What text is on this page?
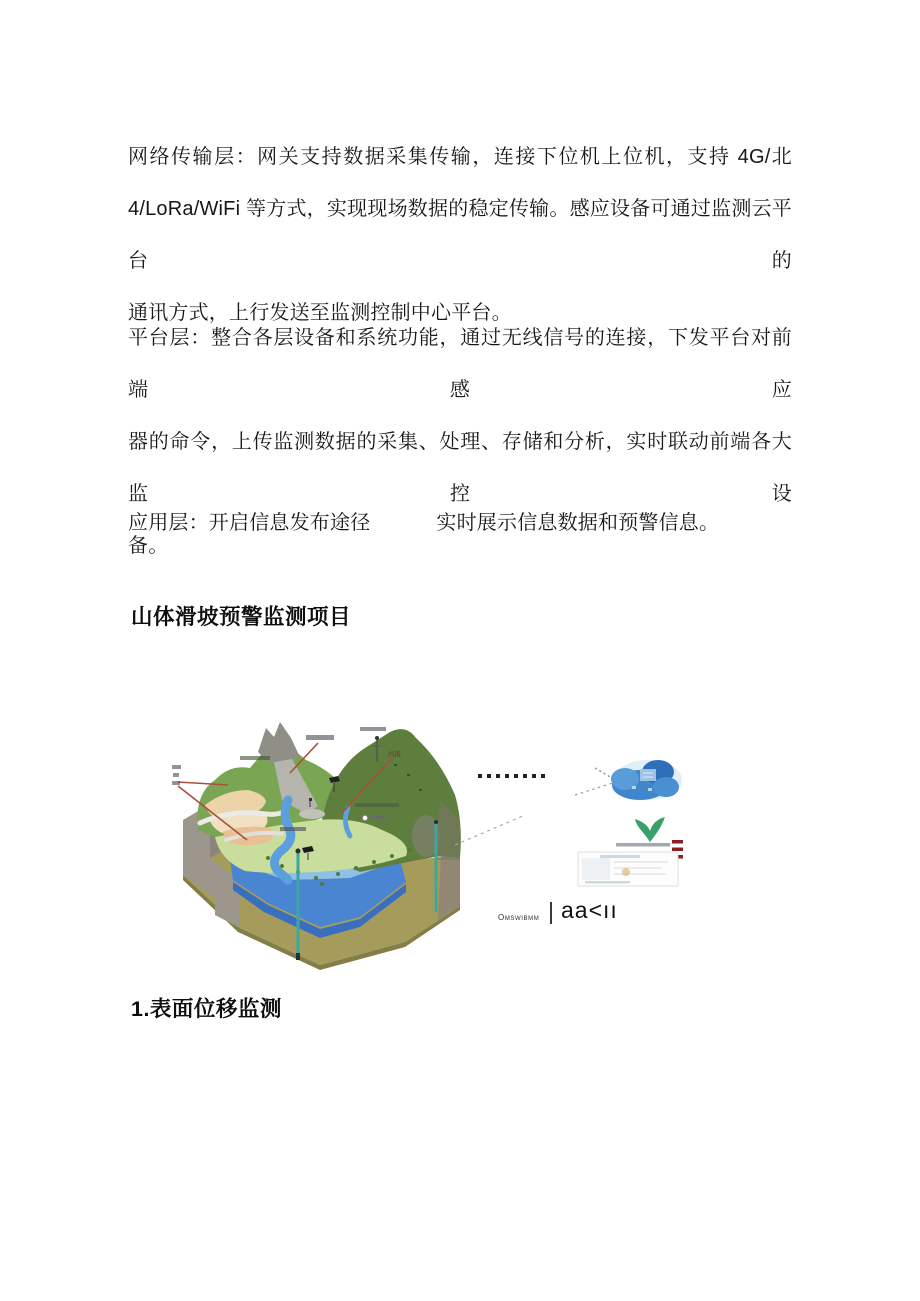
网络传输层：网关支持数据采集传输，连接下位机上位机，支持 4G/北
4/LoRa/WiFi 等方式，实现现场数据的稳定传输。感应设备可通过监测云平台的
通讯方式，上行发送至监测控制中心平台。
平台层：整合各层设备和系统功能，通过无线信号的连接，下发平台对前端感应
器的命令，上传监测数据的采集、处理、存储和分析，实时联动前端各大监控设
备。
应用层：开启信息发布途径	实时展示信息数据和预警信息。
山体滑坡预警监测项目
河流
Omswibmm aa<ıı
1.表面位移监测
